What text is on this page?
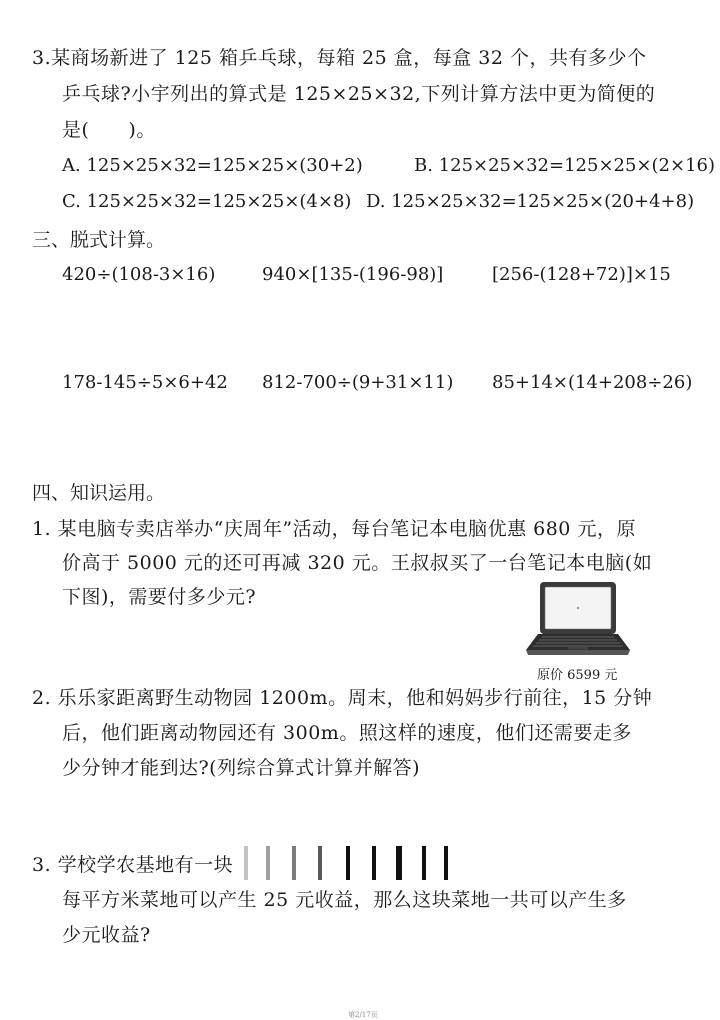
3.某商场新进了 125 箱乒乓球，每箱 25 盒，每盒 32 个，共有多少个
乒乓球?小宇列出的算式是 125×25×32,下列计算方法中更为简便的
是(　　)。
A. 125×25×32=125×25×(30+2)	B. 125×25×32=125×25×(2×16)
C. 125×25×32=125×25×(4×8) D. 125×25×32=125×25×(20+4+8)
三、脱式计算。
420÷(108-3×16)	940×[135-(196-98)]	[256-(128+72)]×15
178-145÷5×6+42 812-700÷(9+31×11) 85+14×(14+208÷26)
四、知识运用。
1. 某电脑专卖店举办“庆周年”活动，每台笔记本电脑优惠 680 元，原
价高于 5000 元的还可再减 320 元。王叔叔买了一台笔记本电脑(如
下图)，需要付多少元?
原价 6599 元
2. 乐乐家距离野生动物园 1200m。周末，他和妈妈步行前往，15 分钟
后，他们距离动物园还有 300m。照这样的速度，他们还需要走多
少分钟才能到达?(列综合算式计算并解答)
3. 学校学农基地有一块
每平方米菜地可以产生 25 元收益，那么这块菜地一共可以产生多
少元收益?
第2/17页
